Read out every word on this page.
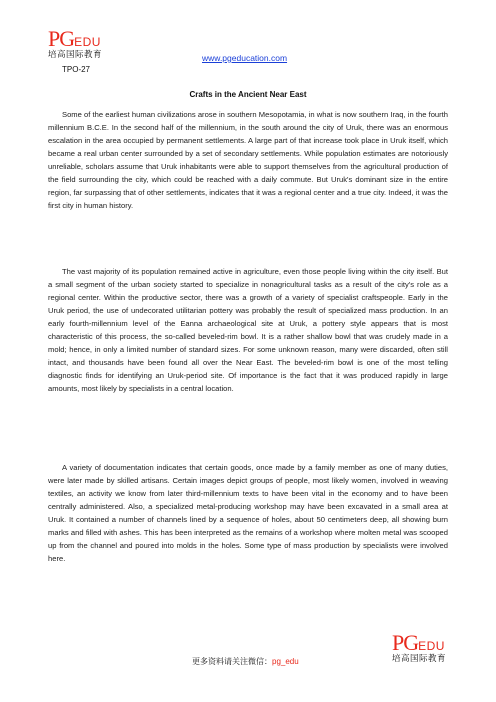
PGEDU
培高国际教育	www.pgeducation.com
TPO-27
Crafts in the Ancient Near East

Some of the earliest human civilizations arose in southern Mesopotamia, in what is now southern Iraq, in the fourth millennium B.C.E. In the second half of the millennium, in the south around the city of Uruk, there was an enormous escalation in the area occupied by permanent settlements. A large part of that increase took place in Uruk itself, which became a real urban center surrounded by a set of secondary settlements. While population estimates are notoriously unreliable, scholars assume that Uruk inhabitants were able to support themselves from the agricultural production of the field surrounding the city, which could be reached with a daily commute. But Uruk's dominant size in the entire region, far surpassing that of other settlements, indicates that it was a regional center and a true city. Indeed, it was the first city in human history.

The vast majority of its population remained active in agriculture, even those people living within the city itself. But a small segment of the urban society started to specialize in nonagricultural tasks as a result of the city's role as a regional center. Within the productive sector, there was a growth of a variety of specialist craftspeople. Early in the Uruk period, the use of undecorated utilitarian pottery was probably the result of specialized mass production. In an early fourth-millennium level of the Eanna archaeological site at Uruk, a pottery style appears that is most characteristic of this process, the so-called beveled-rim bowl. It is a rather shallow bowl that was crudely made in a mold; hence, in only a limited number of standard sizes. For some unknown reason, many were discarded, often still intact, and thousands have been found all over the Near East. The beveled-rim bowl is one of the most telling diagnostic finds for identifying an Uruk-period site. Of importance is the fact that it was produced rapidly in large amounts, most likely by specialists in a central location.

A variety of documentation indicates that certain goods, once made by a family member as one of many duties, were later made by skilled artisans. Certain images depict groups of people, most likely women, involved in weaving textiles, an activity we know from later third-millennium texts to have been vital in the economy and to have been centrally administered. Also, a specialized metal-producing workshop may have been excavated in a small area at Uruk. It contained a number of channels lined by a sequence of holes, about 50 centimeters deep, all showing burn marks and filled with ashes. This has been interpreted as the remains of a workshop where molten metal was scooped up from the channel and poured into molds in the holes. Some type of mass production by specialists were involved here.

更多资料请关注微信：pg_edu
PGEDU
培高国际教育
